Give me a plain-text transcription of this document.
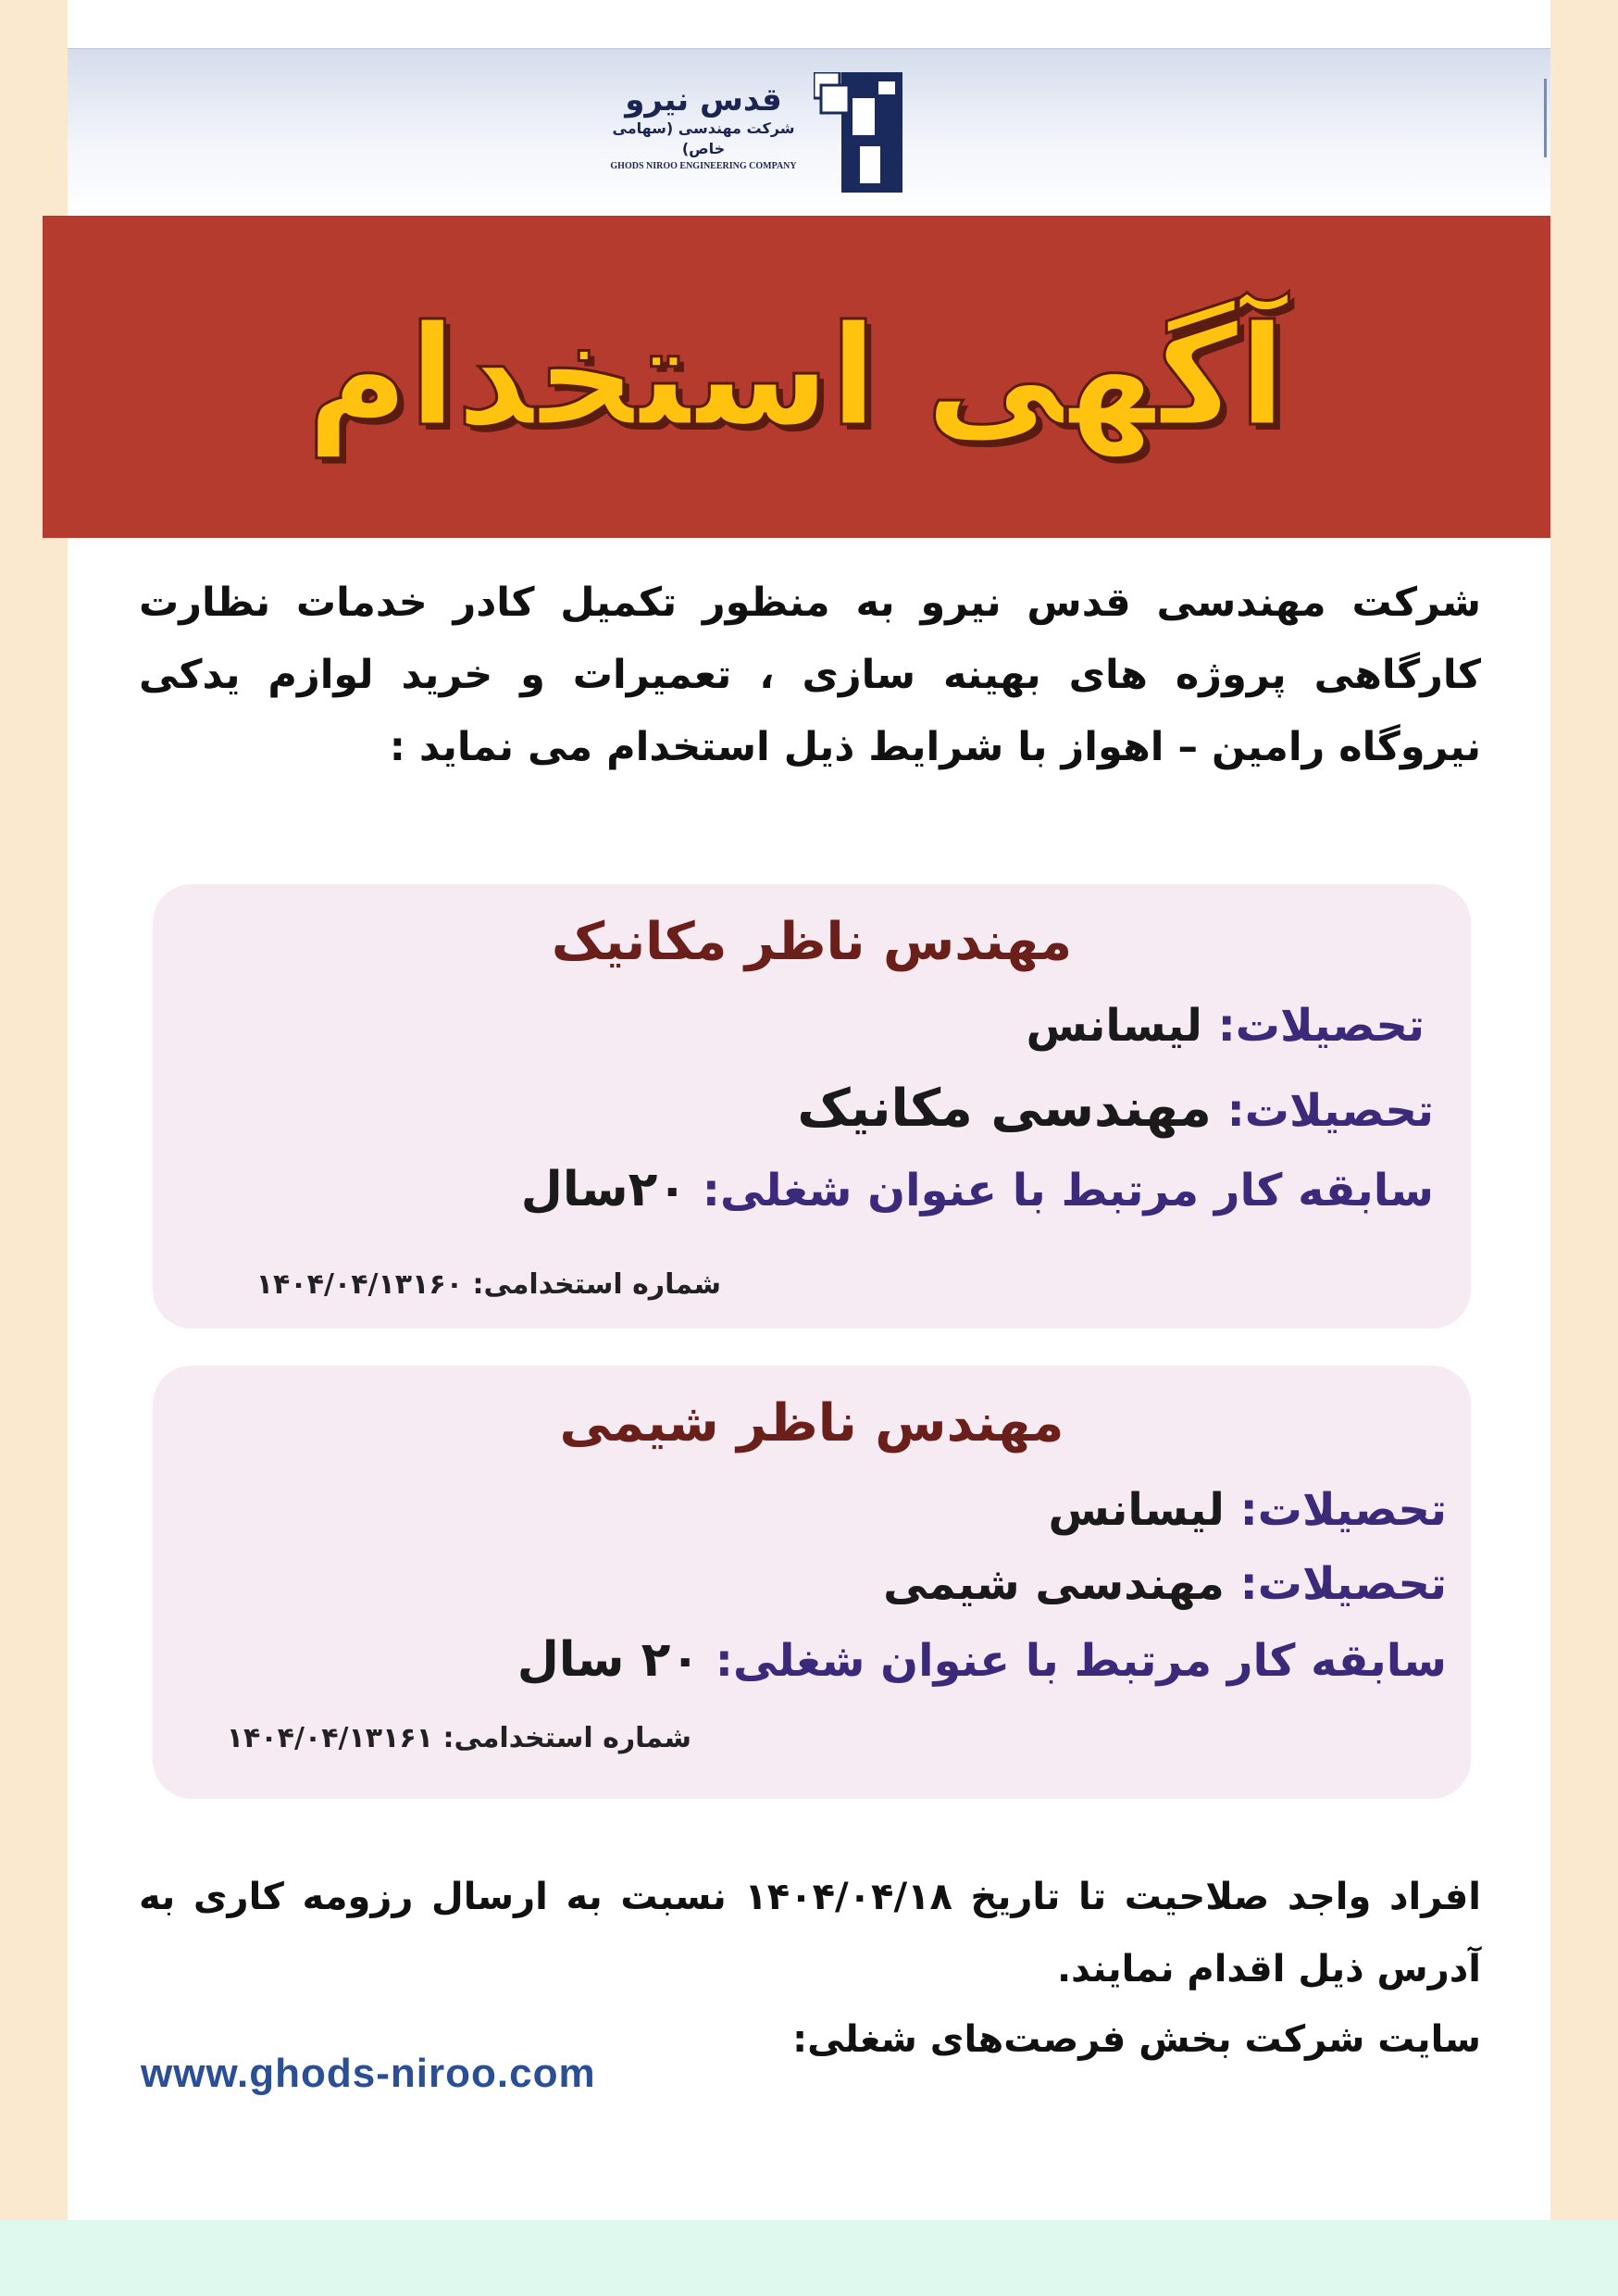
قدس نیرو
شرکت مهندسی (سهامی خاص)
GHODS NIROO ENGINEERING COMPANY
آگهی استخدام

شرکت مهندسی قدس نیرو به منظور تکمیل کادر خدمات نظارت کارگاهی پروژه های بهینه سازی ، تعمیرات و خرید لوازم یدکی نیروگاه رامین – اهواز با شرایط ذیل استخدام می نماید :

مهندس ناظر مکانیک

تحصیلات: لیسانس

تحصیلات: مهندسی مکانیک

سابقه کار مرتبط با عنوان شغلی: ۲۰سال

شماره استخدامی: ۱۴۰۴/۰۴/۱۳۱۶۰
مهندس ناظر شیمی

تحصیلات: لیسانس

تحصیلات: مهندسی شیمی

سابقه کار مرتبط با عنوان شغلی: ۲۰ سال

شماره استخدامی: ۱۴۰۴/۰۴/۱۳۱۶۱

افراد واجد صلاحیت تا تاریخ ۱۴۰۴/۰۴/۱۸ نسبت به ارسال رزومه کاری به آدرس ذیل اقدام نمایند.

سایت شرکت بخش فرصت‌های شغلی:
www.ghods-niroo.com
